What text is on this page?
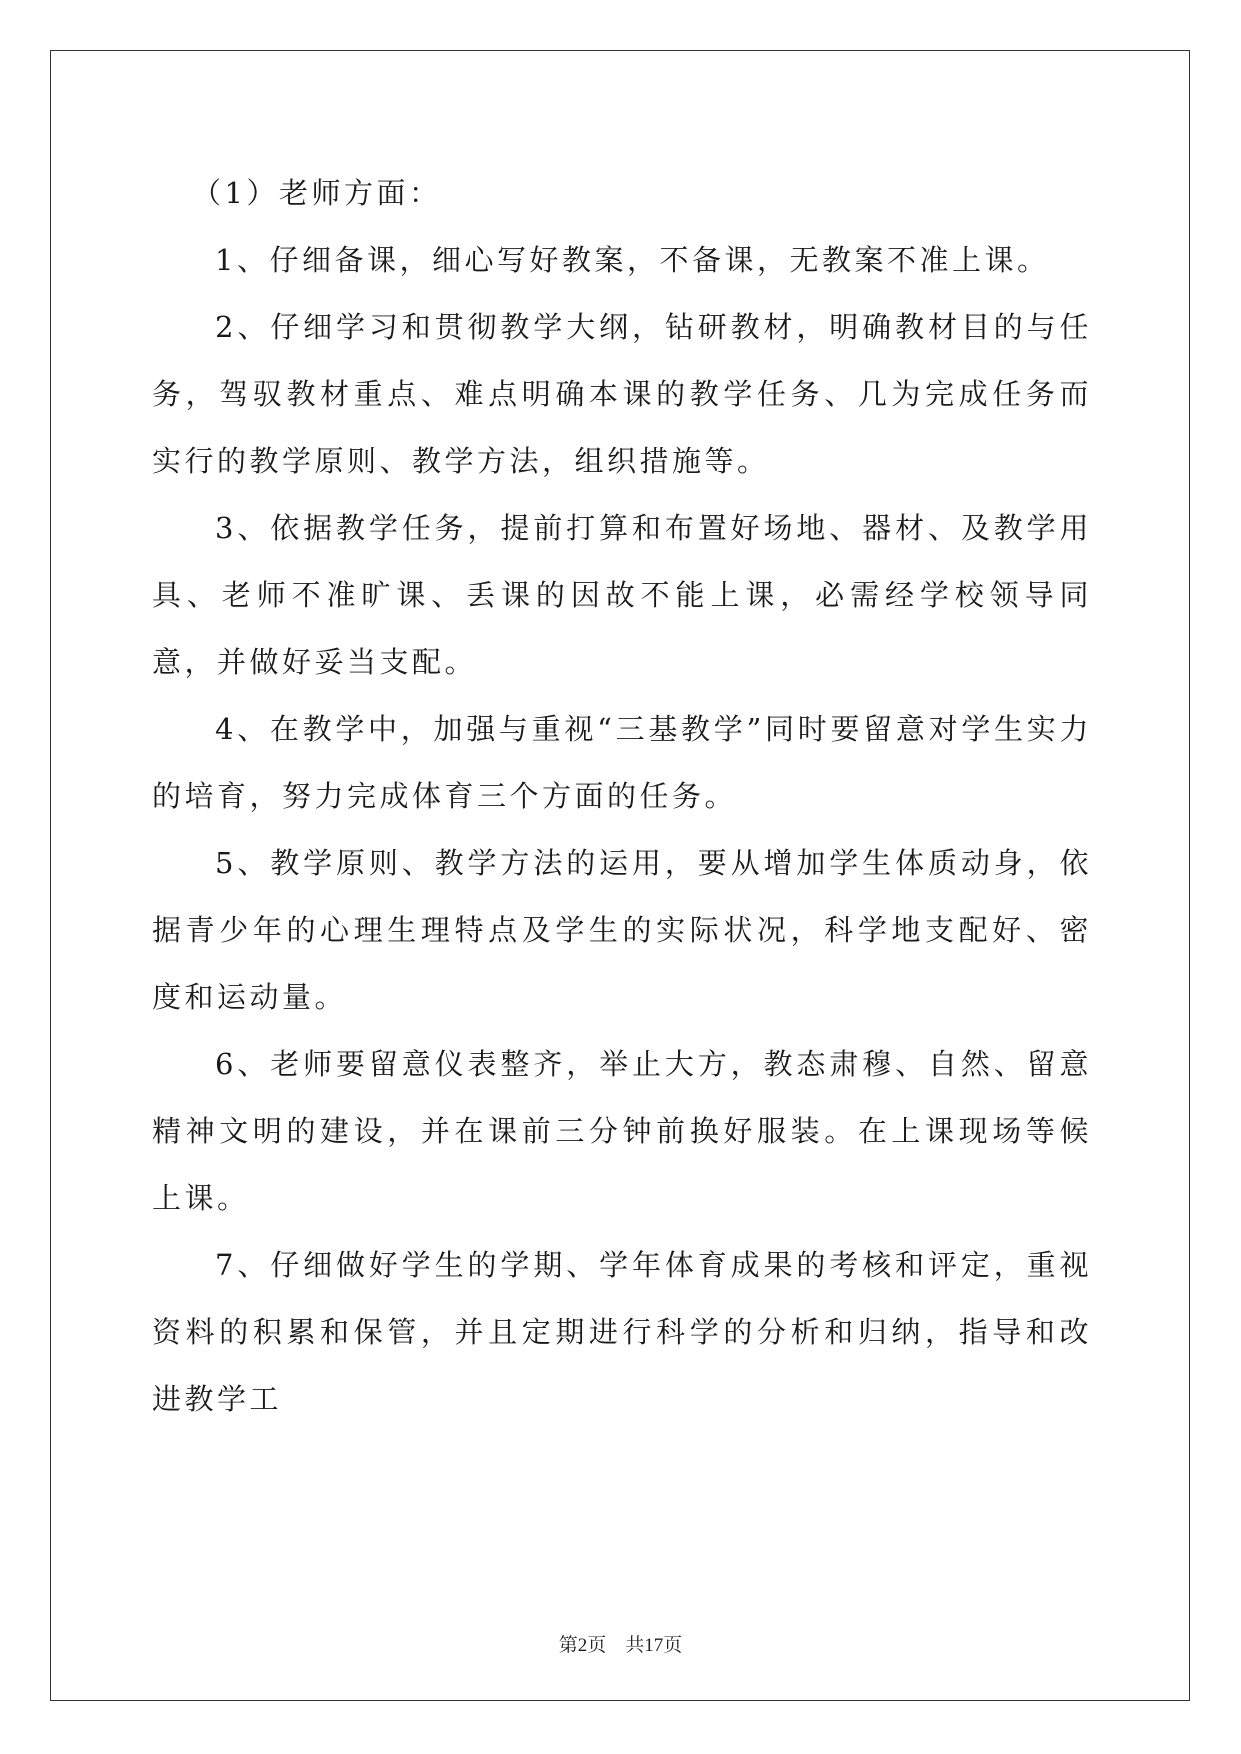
（1）老师方面：

1、仔细备课，细心写好教案，不备课，无教案不准上课。

2、仔细学习和贯彻教学大纲，钻研教材，明确教材目的与任务，驾驭教材重点、难点明确本课的教学任务、几为完成任务而实行的教学原则、教学方法，组织措施等。

3、依据教学任务，提前打算和布置好场地、器材、及教学用具、老师不准旷课、丢课的因故不能上课，必需经学校领导同意，并做好妥当支配。

4、在教学中，加强与重视“三基教学”同时要留意对学生实力的培育，努力完成体育三个方面的任务。

5、教学原则、教学方法的运用，要从增加学生体质动身，依据青少年的心理生理特点及学生的实际状况，科学地支配好、密度和运动量。

6、老师要留意仪表整齐，举止大方，教态肃穆、自然、留意精神文明的建设，并在课前三分钟前换好服装。在上课现场等候上课。

7、仔细做好学生的学期、学年体育成果的考核和评定，重视资料的积累和保管，并且定期进行科学的分析和归纳，指导和改进教学工

第2页　共17页
